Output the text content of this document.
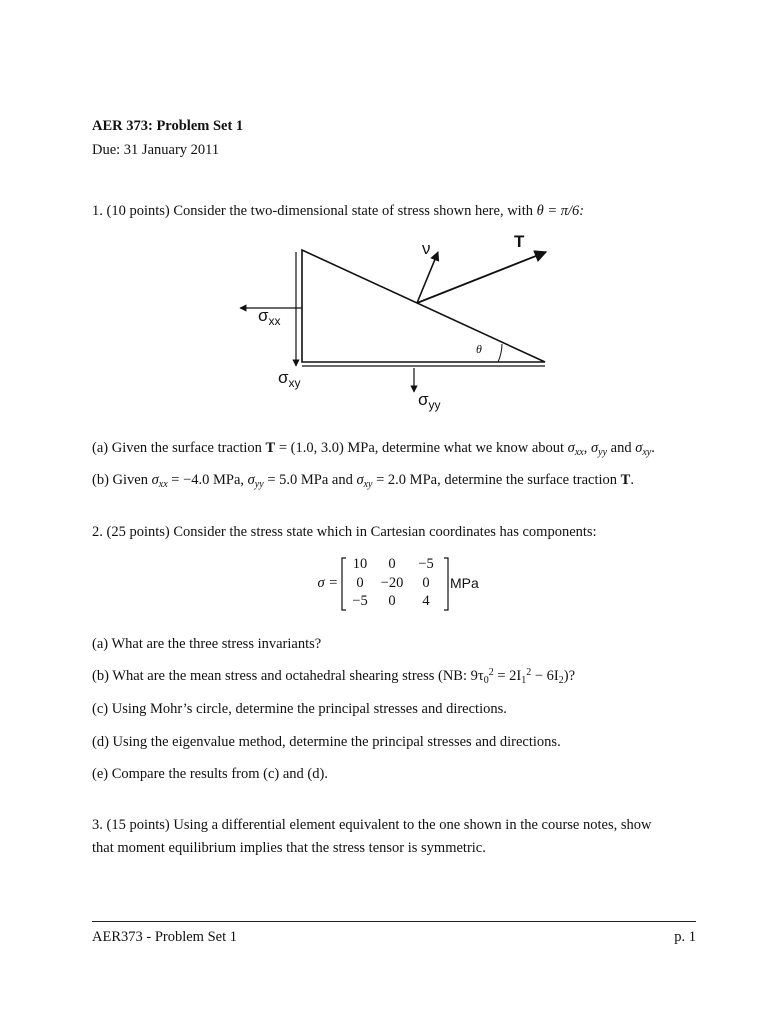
AER 373: Problem Set 1
Due: 31 January 2011
1. (10 points) Consider the two-dimensional state of stress shown here, with θ = π/6:
ν	T
$\sigma_{xx}$
$\sigma_{xy}$
$\sigma_{yy}$
θ
(a) Given the surface traction T = (1.0, 3.0) MPa, determine what we know about $\sigma_{xx}$, $\sigma_{yy}$ and $\sigma_{xy}$.
(b) Given $\sigma_{xx} = -4.0$ MPa, $\sigma_{yy} = 5.0$ MPa and $\sigma_{xy} = 2.0$ MPa, determine the surface traction T.
2. (25 points) Consider the stress state which in Cartesian coordinates has components:
σ =
10	0	−5
0	−20	0
−5	0	4
MPa
(a) What are the three stress invariants?
(b) What are the mean stress and octahedral shearing stress (NB: $9\tau_0^2 = 2I_1^2 - 6I_2$)?
(c) Using Mohr’s circle, determine the principal stresses and directions.
(d) Using the eigenvalue method, determine the principal stresses and directions.
(e) Compare the results from (c) and (d).
3. (15 points) Using a differential element equivalent to the one shown in the course notes, show
that moment equilibrium implies that the stress tensor is symmetric.
AER373 - Problem Set 1	p. 1
